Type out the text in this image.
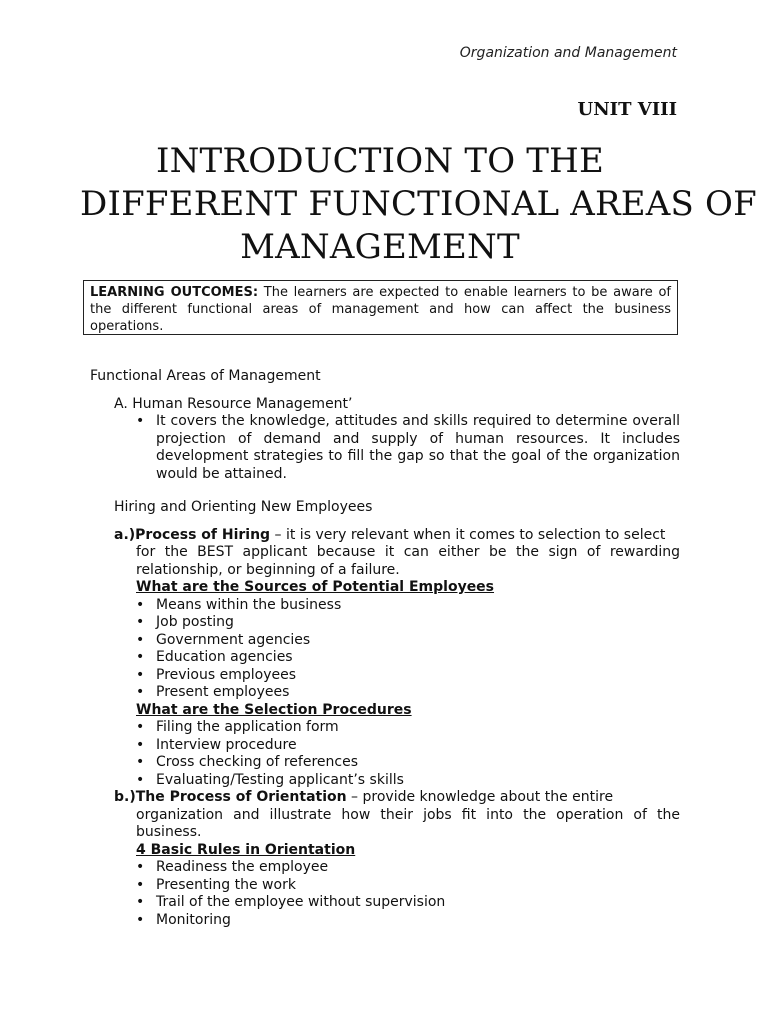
Organization and Management
UNIT VIII
INTRODUCTION TO THE
DIFFERENT FUNCTIONAL AREAS OF
MANAGEMENT
LEARNING OUTCOMES: The learners are expected to enable learners to be aware of the different functional areas of management and how can affect the business operations.

Functional Areas of Management

A. Human Resource Management’

• It covers the knowledge, attitudes and skills required to determine overall projection of demand and supply of human resources. It includes development strategies to fill the gap so that the goal of the organization would be attained.

Hiring and Orienting New Employees

a.)Process of Hiring – it is very relevant when it comes to selection to select
for the BEST applicant because it can either be the sign of rewarding relationship, or beginning of a failure.

What are the Sources of Potential Employees

• Means within the business
• Job posting
• Government agencies
• Education agencies
• Previous employees
• Present employees

What are the Selection Procedures

• Filing the application form
• Interview procedure
• Cross checking of references
• Evaluating/Testing applicant’s skills
b.)The Process of Orientation – provide knowledge about the entire
organization and illustrate how their jobs fit into the operation of the business.

4 Basic Rules in Orientation

• Readiness the employee
• Presenting the work
• Trail of the employee without supervision
• Monitoring
